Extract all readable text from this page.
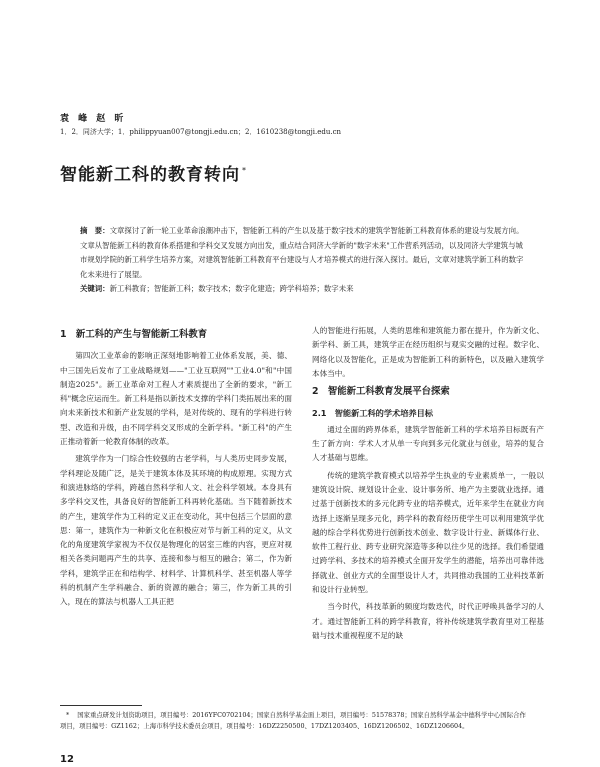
袁 峰 赵 昕
1．2．同济大学；1．philippyuan007@tongji.edu.cn；2．1610238@tongji.edu.cn
智能新工科的教育转向 *
摘　要：文章探讨了新一轮工业革命浪潮冲击下，智能新工科的产生以及基于数字技术的建筑学智能新工科教育体系的建设与发展方向。文章从智能新工科的教育体系搭建和学科交叉发展方向出发，重点结合同济大学新的"数字未来"工作营系列活动，以及同济大学建筑与城市规划学院的新工科学生培养方案，对建筑智能新工科教育平台建设与人才培养模式的进行深入探讨。最后，文章对建筑学新工科的数字化未来进行了展望。
关键词：新工科教育；智能新工科；数字技术；数字化建造；跨学科培养；数字未来
1　新工科的产生与智能新工科教育

第四次工业革命的影响正深刻地影响着工业体系发展，美、德、中三国先后发布了工业战略规划——"工业互联网""工业4.0"和"中国制造2025"。新工业革命对工程人才素质提出了全新的要求，"新工科"概念应运而生。新工科是指以新技术支撑的学科门类拓展出来的面向未来新技术和新产业发展的学科，是对传统的、现有的学科进行转型、改造和升级，由不同学科交叉形成的全新学科。"新工科"的产生正推动着新一轮教育体制的改革。

建筑学作为一门综合性较强的古老学科，与人类历史同步发展，学科理论及随广泛，是关于建筑本体及其环境的构成原理。实现方式和演进脉络的学科，跨越自然科学和人文、社会科学领域。本身具有多学科交叉性，具备良好的智能新工科再转化基础。当下随着新技术的产生，建筑学作为工科的定义正在变动化，其中包括三个层面的意思：第一，建筑作为一种新文化在积极应对节与新工科的定义，从文化的角度建筑学家视为不仅仅是物理化的居室三维的内容，更应对视相关各类问题再产生的共享、连接和参与相互的融合；第二，作为新学科，建筑学正在和结构学、材料学、计算机科学、甚至机器人等学科的机制产生学科融合、新的资源的融合；第三，作为新工具的引入，现在的算法与机器人工具正把

人的智能进行拓展，人类的思维和建筑能力都在提升，作为新文化、新学科、新工具，建筑学正在经历组织与观实交融的过程。数字化、网络化以及智能化，正是成为智能新工科的新特色，以及融入建筑学本体当中。

2　智能新工科教育发展平台探索
2.1　智能新工科的学术培养目标

通过全面的跨界体系，建筑学智能新工科的学术培养目标既有产生了新方向：学术人才从单一专向到多元化就业与创业，培养的复合人才基础与思维。

传统的建筑学教育模式以培养学生执业的专业素质单一，一般以建筑设计院、规划设计企业、设计事务所、地产为主要就业选择。通过基于创新技术的多元化跨专业的培养模式，近年来学生在就业方向选择上逐渐呈现多元化，跨学科的教育经历使学生可以利用建筑学优越的综合学科优势进行创新技术创业、数字设计行业、新媒体行业、软件工程行业、跨专业研究深造等多种以往少见的选择。我们希望通过跨学科、多技术的培养模式全面开发学生的潜能，培养出可靠伴选择就业、创业方式的全面型设计人才，共同推动我国的工业科技革新和设计行业转型。

当今时代，科技革新的频度均数迭代，时代正呼唤具备学习的人才。通过智能新工科的跨学科教育，将补传统建筑学教育里对工程基础与技术重视程度不足的缺

* 国家重点研发计划资助项目，项目编号：2016YFC0702104；国家自然科学基金面上项目，项目编号：51578378；国家自然科学基金中德科学中心国际合作项目，项目编号：GZ1162；上海市科学技术委员会项目，项目编号：16DZ2250500、17DZ1203405、16DZ1206502、16DZ1206604。
12
